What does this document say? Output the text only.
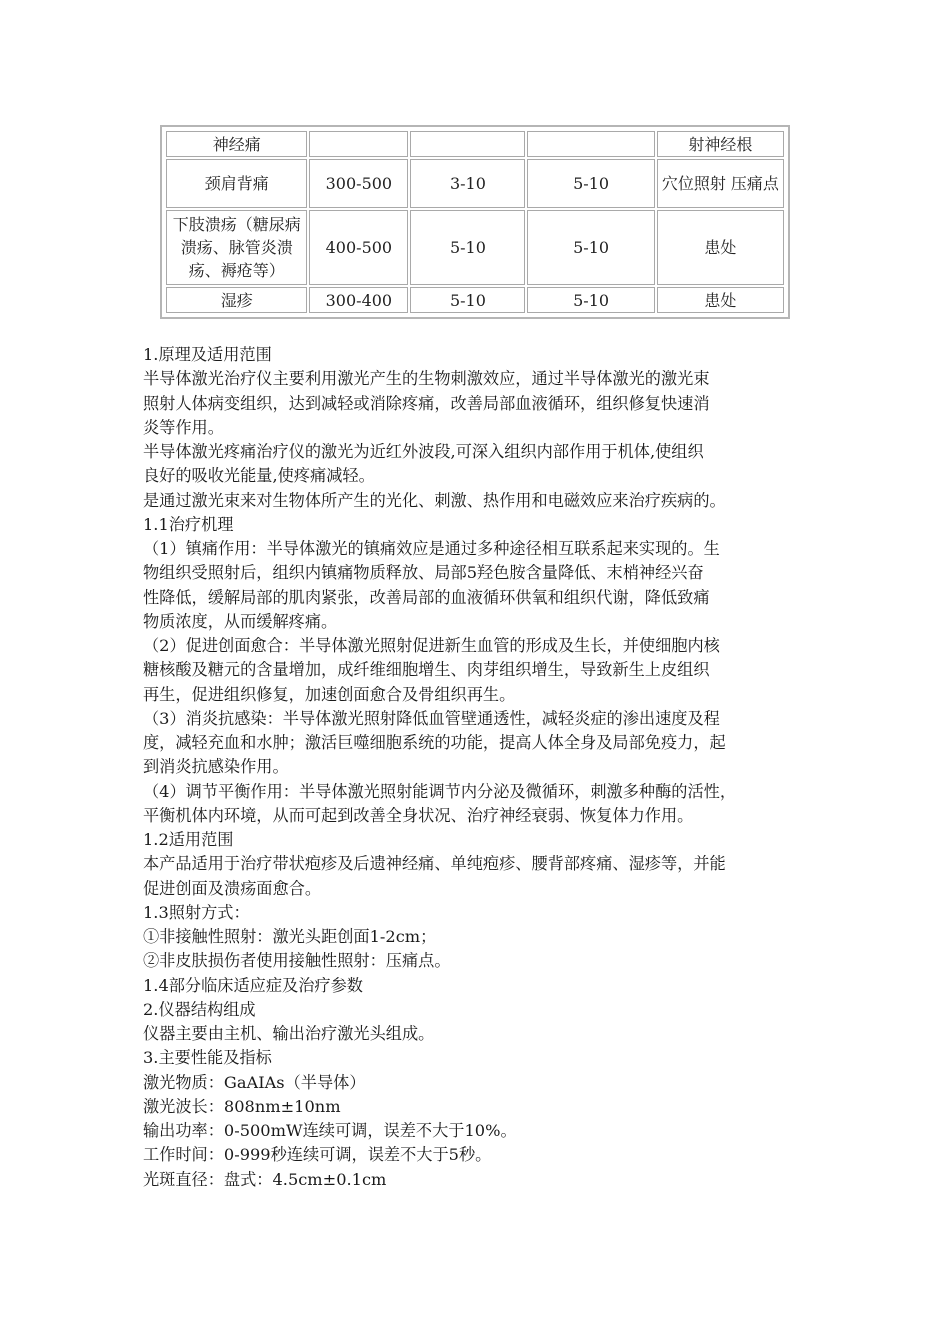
神经痛				射神经根
颈肩背痛	300-500	3-10	5-10	穴位照射 压痛点
下肢溃疡（糖尿病溃疡、脉管炎溃疡、褥疮等）	400-500	5-10	5-10	患处
湿疹	300-400	5-10	5-10	患处

1.原理及适用范围

半导体激光治疗仪主要利用激光产生的生物刺激效应，通过半导体激光的激光束

照射人体病变组织，达到减轻或消除疼痛，改善局部血液循环，组织修复快速消

炎等作用。

半导体激光疼痛治疗仪的激光为近红外波段,可深入组织内部作用于机体,使组织

良好的吸收光能量,使疼痛减轻。

是通过激光束来对生物体所产生的光化、刺激、热作用和电磁效应来治疗疾病的。

1.1治疗机理

（1）镇痛作用：半导体激光的镇痛效应是通过多种途径相互联系起来实现的。生

物组织受照射后，组织内镇痛物质释放、局部5羟色胺含量降低、末梢神经兴奋

性降低，缓解局部的肌肉紧张，改善局部的血液循环供氧和组织代谢，降低致痛

物质浓度，从而缓解疼痛。

（2）促进创面愈合：半导体激光照射促进新生血管的形成及生长，并使细胞内核

糖核酸及糖元的含量增加，成纤维细胞增生、肉芽组织增生，导致新生上皮组织

再生，促进组织修复，加速创面愈合及骨组织再生。

（3）消炎抗感染：半导体激光照射降低血管壁通透性，减轻炎症的渗出速度及程

度，减轻充血和水肿；激活巨噬细胞系统的功能，提高人体全身及局部免疫力，起

到消炎抗感染作用。

（4）调节平衡作用：半导体激光照射能调节内分泌及微循环，刺激多种酶的活性，

平衡机体内环境，从而可起到改善全身状况、治疗神经衰弱、恢复体力作用。

1.2适用范围

本产品适用于治疗带状疱疹及后遗神经痛、单纯疱疹、腰背部疼痛、湿疹等，并能

促进创面及溃疡面愈合。

1.3照射方式：

①非接触性照射：激光头距创面1-2cm；

②非皮肤损伤者使用接触性照射：压痛点。

1.4部分临床适应症及治疗参数

2.仪器结构组成

仪器主要由主机、输出治疗激光头组成。

3.主要性能及指标

激光物质：GaAIAs（半导体）

激光波长：808nm±10nm

输出功率：0-500mW连续可调，误差不大于10%。

工作时间：0-999秒连续可调，误差不大于5秒。

光斑直径：盘式：4.5cm±0.1cm
